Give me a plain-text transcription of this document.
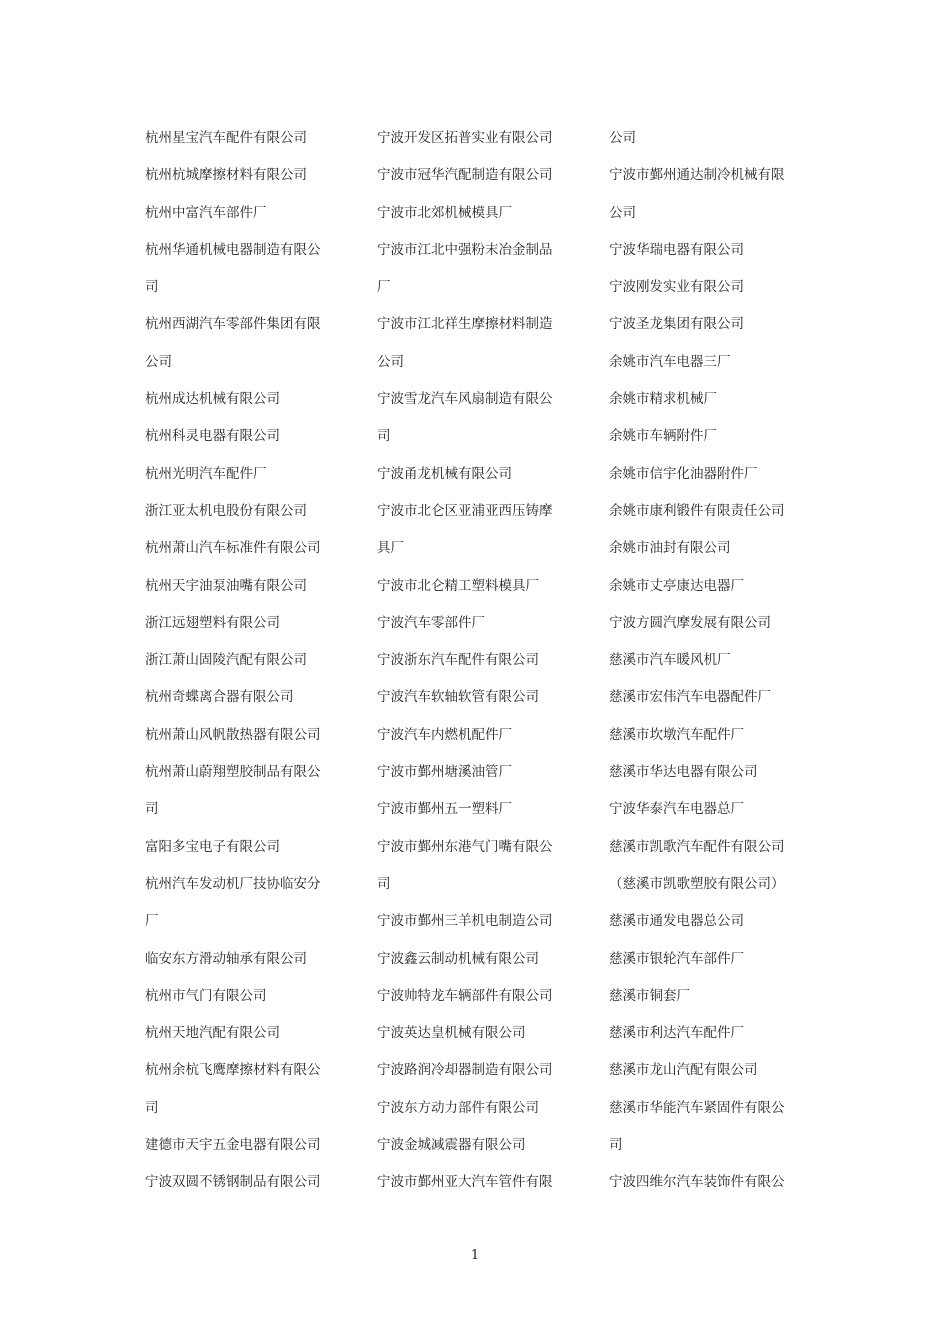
杭州星宝汽车配件有限公司
杭州杭城摩擦材料有限公司
杭州中富汽车部件厂
杭州华通机械电器制造有限公
司
杭州西湖汽车零部件集团有限
公司
杭州成达机械有限公司
杭州科灵电器有限公司
杭州光明汽车配件厂
浙江亚太机电股份有限公司
杭州萧山汽车标准件有限公司
杭州天宇油泵油嘴有限公司
浙江远翅塑料有限公司
浙江萧山固陵汽配有限公司
杭州奇蝶离合器有限公司
杭州萧山风帆散热器有限公司
杭州萧山蔚翔塑胶制品有限公
司
富阳多宝电子有限公司
杭州汽车发动机厂技协临安分
厂
临安东方滑动轴承有限公司
杭州市气门有限公司
杭州天地汽配有限公司
杭州余杭飞鹰摩擦材料有限公
司
建德市天宇五金电器有限公司
宁波双圆不锈钢制品有限公司
宁波开发区拓普实业有限公司
宁波市冠华汽配制造有限公司
宁波市北郊机械模具厂
宁波市江北中强粉末冶金制品
厂
宁波市江北祥生摩擦材料制造
公司
宁波雪龙汽车风扇制造有限公
司
宁波甬龙机械有限公司
宁波市北仑区亚浦亚西压铸摩
具厂
宁波市北仑精工塑料模具厂
宁波汽车零部件厂
宁波浙东汽车配件有限公司
宁波汽车软轴软管有限公司
宁波汽车内燃机配件厂
宁波市鄞州塘溪油管厂
宁波市鄞州五一塑料厂
宁波市鄞州东港气门嘴有限公
司
宁波市鄞州三羊机电制造公司
宁波鑫云制动机械有限公司
宁波帅特龙车辆部件有限公司
宁波英达皇机械有限公司
宁波路润冷却器制造有限公司
宁波东方动力部件有限公司
宁波金城减震器有限公司
宁波市鄞州亚大汽车管件有限
公司
宁波市鄞州通达制冷机械有限
公司
宁波华瑞电器有限公司
宁波刚发实业有限公司
宁波圣龙集团有限公司
余姚市汽车电器三厂
余姚市精求机械厂
余姚市车辆附件厂
余姚市信宇化油器附件厂
余姚市康利锻件有限责任公司
余姚市油封有限公司
余姚市丈亭康达电器厂
宁波方圆汽摩发展有限公司
慈溪市汽车暖风机厂
慈溪市宏伟汽车电器配件厂
慈溪市坎墩汽车配件厂
慈溪市华达电器有限公司
宁波华泰汽车电器总厂
慈溪市凯歌汽车配件有限公司
（慈溪市凯歌塑胶有限公司）
慈溪市通发电器总公司
慈溪市银轮汽车部件厂
慈溪市铜套厂
慈溪市利达汽车配件厂
慈溪市龙山汽配有限公司
慈溪市华能汽车紧固件有限公
司
宁波四维尔汽车装饰件有限公
1
